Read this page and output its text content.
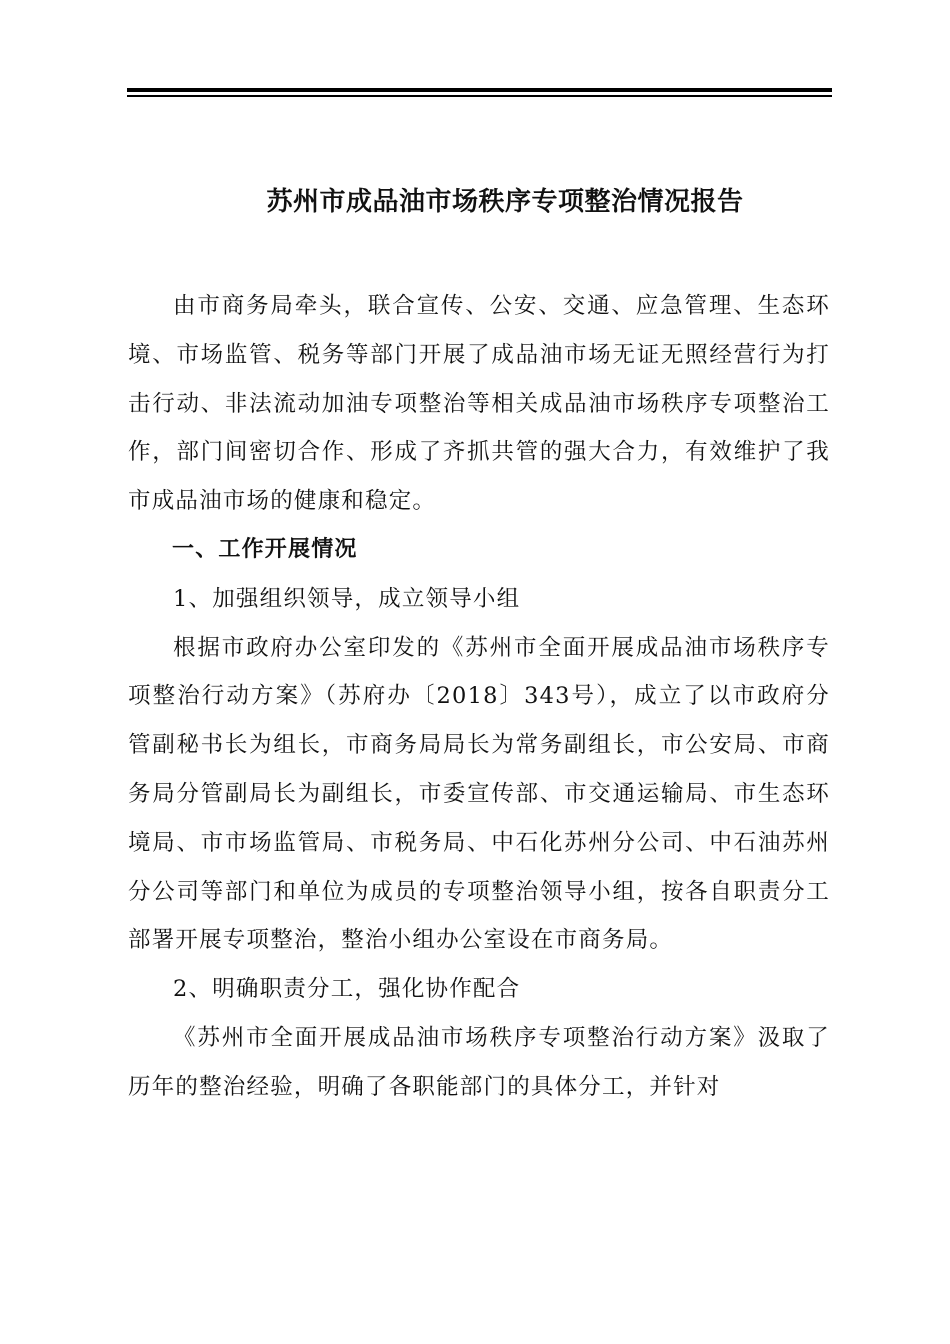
苏州市成品油市场秩序专项整治情况报告

由市商务局牵头，联合宣传、公安、交通、应急管理、生态环境、市场监管、税务等部门开展了成品油市场无证无照经营行为打击行动、非法流动加油专项整治等相关成品油市场秩序专项整治工作，部门间密切合作、形成了齐抓共管的强大合力，有效维护了我市成品油市场的健康和稳定。

一、工作开展情况

1、加强组织领导，成立领导小组

根据市政府办公室印发的《苏州市全面开展成品油市场秩序专项整治行动方案》（苏府办〔2018〕343号），成立了以市政府分管副秘书长为组长，市商务局局长为常务副组长，市公安局、市商务局分管副局长为副组长，市委宣传部、市交通运输局、市生态环境局、市市场监管局、市税务局、中石化苏州分公司、中石油苏州分公司等部门和单位为成员的专项整治领导小组，按各自职责分工部署开展专项整治，整治小组办公室设在市商务局。

2、明确职责分工，强化协作配合

《苏州市全面开展成品油市场秩序专项整治行动方案》汲取了历年的整治经验，明确了各职能部门的具体分工，并针对
